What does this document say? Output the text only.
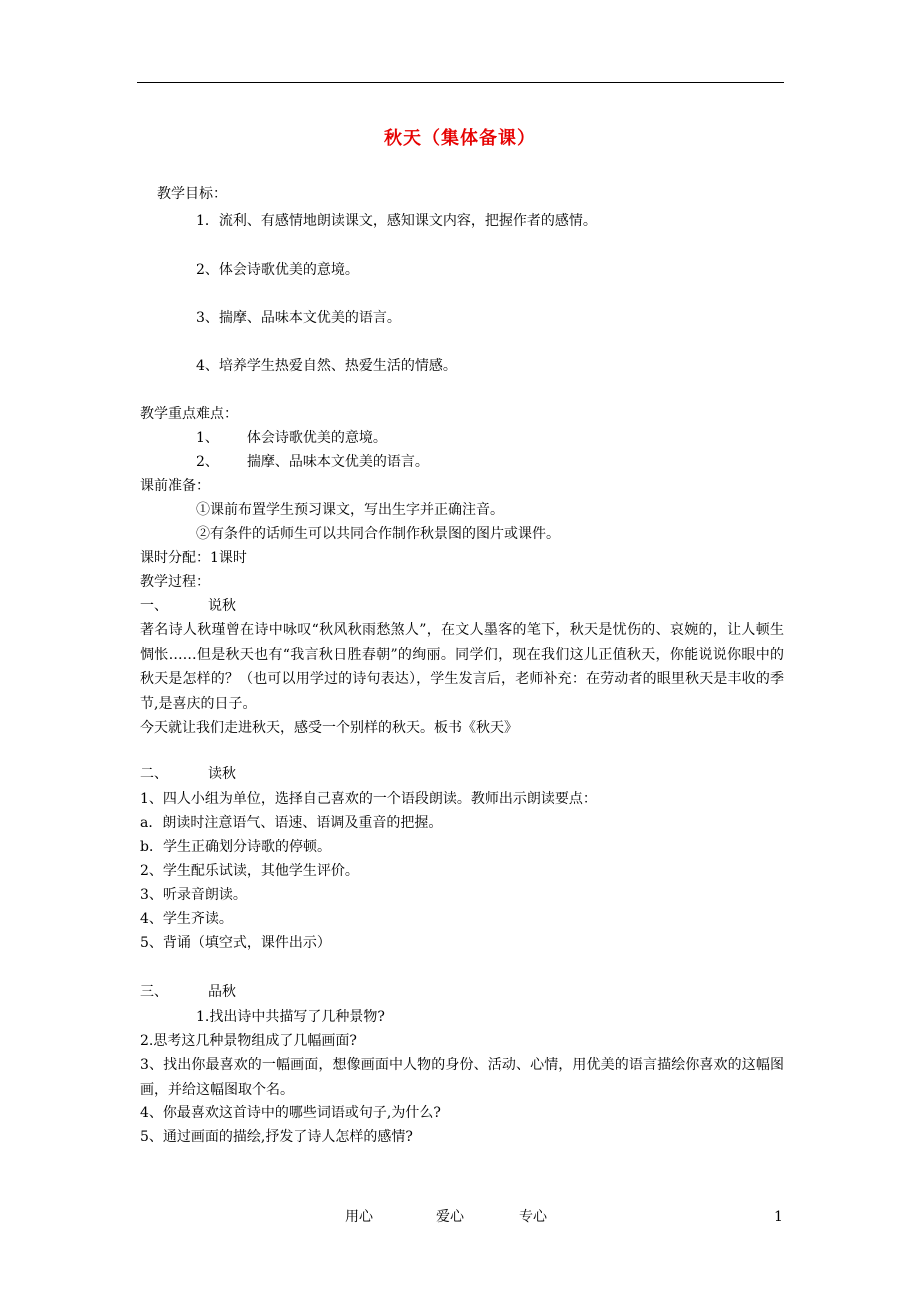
秋天（集体备课）
教学目标：
1．流利、有感情地朗读课文，感知课文内容，把握作者的感情。
2、体会诗歌优美的意境。
3、揣摩、品味本文优美的语言。
4、培养学生热爱自然、热爱生活的情感。
教学重点难点：
1、 体会诗歌优美的意境。
2、 揣摩、品味本文优美的语言。
课前准备：
①课前布置学生预习课文，写出生字并正确注音。
②有条件的话师生可以共同合作制作秋景图的图片或课件。
课时分配：1课时
教学过程：
一、	说秋
著名诗人秋瑾曾在诗中咏叹“秋风秋雨愁煞人”，在文人墨客的笔下，秋天是忧伤的、哀婉的，让人顿生惆怅……但是秋天也有“我言秋日胜春朝”的绚丽。同学们，现在我们这儿正值秋天，你能说说你眼中的秋天是怎样的？（也可以用学过的诗句表达），学生发言后，老师补充：在劳动者的眼里秋天是丰收的季节,是喜庆的日子。
今天就让我们走进秋天，感受一个别样的秋天。板书《秋天》
二、	读秋
1、四人小组为单位，选择自己喜欢的一个语段朗读。教师出示朗读要点：
a．朗读时注意语气、语速、语调及重音的把握。
b．学生正确划分诗歌的停顿。
2、学生配乐试读，其他学生评价。
3、听录音朗读。
4、学生齐读。
5、背诵（填空式，课件出示）
三、	品秋
1.找出诗中共描写了几种景物?
2.思考这几种景物组成了几幅画面?
3、找出你最喜欢的一幅画面，想像画面中人物的身份、活动、心情，用优美的语言描绘你喜欢的这幅图画，并给这幅图取个名。
4、你最喜欢这首诗中的哪些词语或句子,为什么?
5、通过画面的描绘,抒发了诗人怎样的感情?
用心	爱心	专心	1
